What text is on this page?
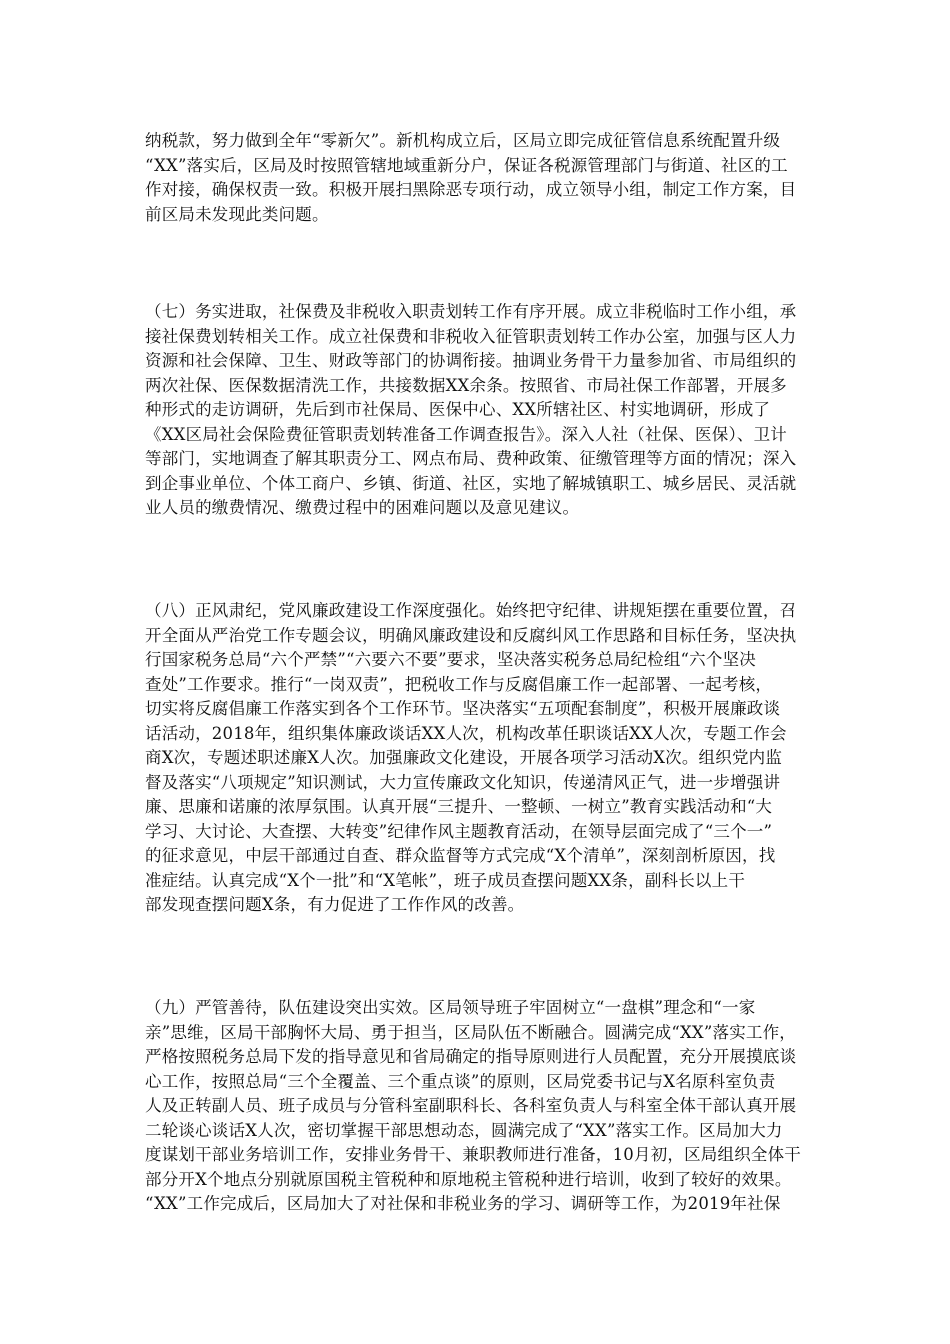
纳税款，努力做到全年“零新欠”。新机构成立后，区局立即完成征管信息系统配置升级
“XX”落实后，区局及时按照管辖地域重新分户，保证各税源管理部门与街道、社区的工
作对接，确保权责一致。积极开展扫黑除恶专项行动，成立领导小组，制定工作方案，目
前区局未发现此类问题。

（七）务实进取，社保费及非税收入职责划转工作有序开展。成立非税临时工作小组，承
接社保费划转相关工作。成立社保费和非税收入征管职责划转工作办公室，加强与区人力
资源和社会保障、卫生、财政等部门的协调衔接。抽调业务骨干力量参加省、市局组织的
两次社保、医保数据清洗工作，共接数据XX余条。按照省、市局社保工作部署，开展多
种形式的走访调研，先后到市社保局、医保中心、XX所辖社区、村实地调研，形成了
《XX区局社会保险费征管职责划转准备工作调查报告》。深入人社（社保、医保）、卫计
等部门，实地调查了解其职责分工、网点布局、费种政策、征缴管理等方面的情况；深入
到企事业单位、个体工商户、乡镇、街道、社区，实地了解城镇职工、城乡居民、灵活就
业人员的缴费情况、缴费过程中的困难问题以及意见建议。

（八）正风肃纪，党风廉政建设工作深度强化。始终把守纪律、讲规矩摆在重要位置，召
开全面从严治党工作专题会议，明确风廉政建设和反腐纠风工作思路和目标任务，坚决执
行国家税务总局“六个严禁”“六要六不要”要求，坚决落实税务总局纪检组“六个坚决
查处”工作要求。推行“一岗双责”，把税收工作与反腐倡廉工作一起部署、一起考核，
切实将反腐倡廉工作落实到各个工作环节。坚决落实“五项配套制度”，积极开展廉政谈
话活动，2018年，组织集体廉政谈话XX人次，机构改革任职谈话XX人次，专题工作会
商X次，专题述职述廉X人次。加强廉政文化建设，开展各项学习活动X次。组织党内监
督及落实“八项规定”知识测试，大力宣传廉政文化知识，传递清风正气，进一步增强讲
廉、思廉和诺廉的浓厚氛围。认真开展“三提升、一整顿、一树立”教育实践活动和“大
学习、大讨论、大查摆、大转变”纪律作风主题教育活动，在领导层面完成了“三个一”
的征求意见，中层干部通过自查、群众监督等方式完成“X个清单”，深刻剖析原因，找
准症结。认真完成“X个一批”和“X笔帐”，班子成员查摆问题XX条，副科长以上干
部发现查摆问题X条，有力促进了工作作风的改善。

（九）严管善待，队伍建设突出实效。区局领导班子牢固树立“一盘棋”理念和“一家
亲”思维，区局干部胸怀大局、勇于担当，区局队伍不断融合。圆满完成“XX”落实工作，
严格按照税务总局下发的指导意见和省局确定的指导原则进行人员配置，充分开展摸底谈
心工作，按照总局“三个全覆盖、三个重点谈”的原则，区局党委书记与X名原科室负责
人及正转副人员、班子成员与分管科室副职科长、各科室负责人与科室全体干部认真开展
二轮谈心谈话X人次，密切掌握干部思想动态，圆满完成了“XX”落实工作。区局加大力
度谋划干部业务培训工作，安排业务骨干、兼职教师进行准备，10月初，区局组织全体干
部分开X个地点分别就原国税主管税种和原地税主管税种进行培训，收到了较好的效果。
“XX”工作完成后，区局加大了对社保和非税业务的学习、调研等工作，为2019年社保
